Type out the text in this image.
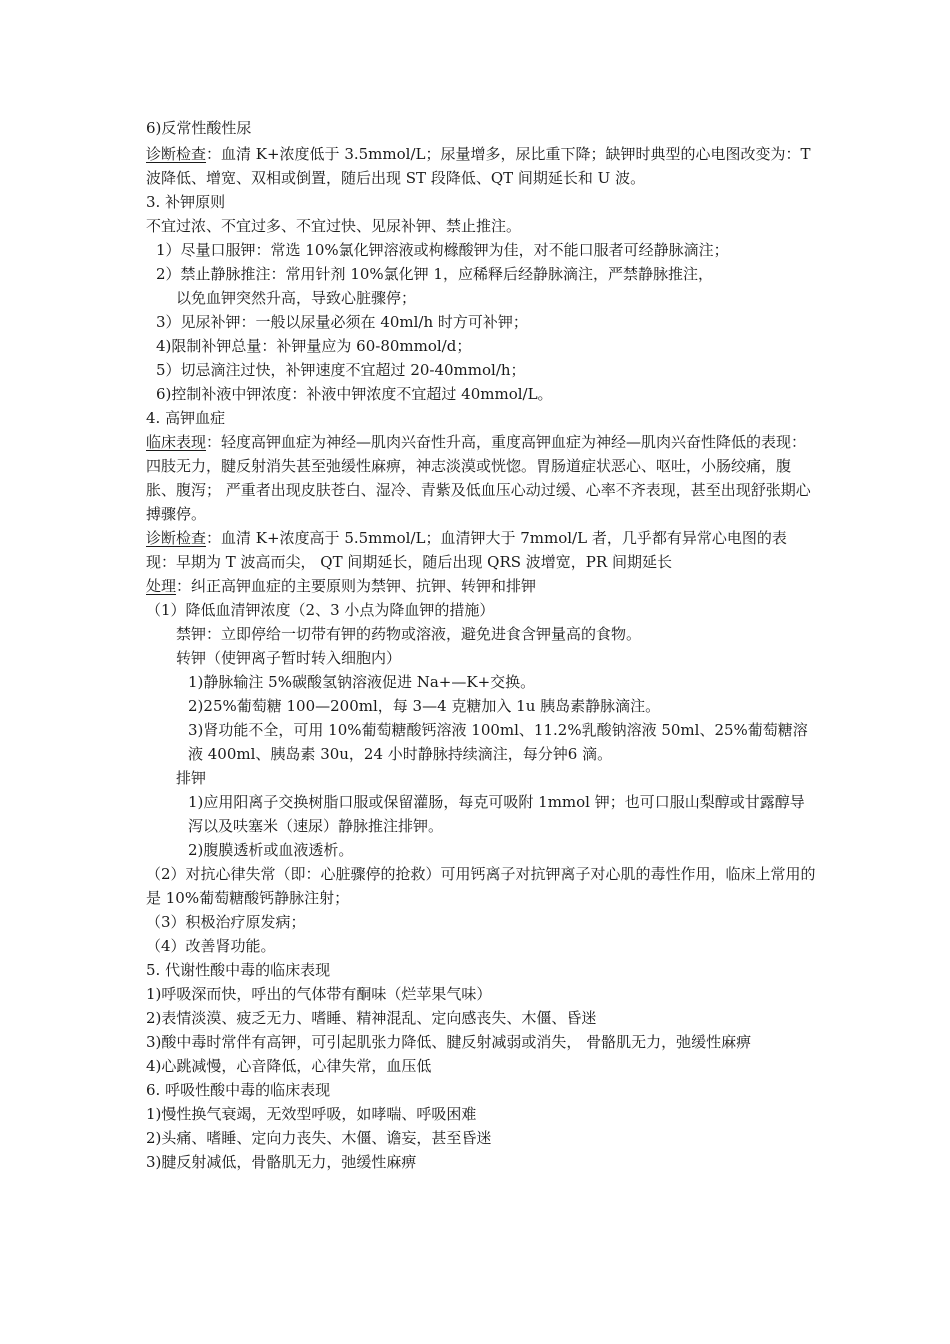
6)反常性酸性尿

诊断检查：血清 K+浓度低于 3.5mmol/L；尿量增多，尿比重下降；缺钾时典型的心电图改变为：T 波降低、增宽、双相或倒置，随后出现 ST 段降低、QT 间期延长和 U 波。

3. 补钾原则

不宜过浓、不宜过多、不宜过快、见尿补钾、禁止推注。

1）尽量口服钾：常选 10%氯化钾溶液或枸橼酸钾为佳，对不能口服者可经静脉滴注；

2）禁止静脉推注：常用针剂 10%氯化钾 1，应稀释后经静脉滴注，严禁静脉推注，

以免血钾突然升高，导致心脏骤停；

3）见尿补钾：一般以尿量必须在 40ml/h 时方可补钾；

4)限制补钾总量：补钾量应为 60-80mmol/d；

5）切忌滴注过快，补钾速度不宜超过 20-40mmol/h；

6)控制补液中钾浓度：补液中钾浓度不宜超过 40mmol/L。

4. 高钾血症

临床表现：轻度高钾血症为神经—肌肉兴奋性升高，重度高钾血症为神经—肌肉兴奋性降低的表现：四肢无力，腱反射消失甚至弛缓性麻痹，神志淡漠或恍惚。胃肠道症状恶心、呕吐，小肠绞痛，腹胀、腹泻； 严重者出现皮肤苍白、湿冷、青紫及低血压心动过缓、心率不齐表现，甚至出现舒张期心搏骤停。

诊断检查：血清 K+浓度高于 5.5mmol/L；血清钾大于 7mmol/L 者，几乎都有异常心电图的表现：早期为 T 波高而尖， QT 间期延长，随后出现 QRS 波增宽，PR 间期延长

处理：纠正高钾血症的主要原则为禁钾、抗钾、转钾和排钾

（1）降低血清钾浓度（2、3 小点为降血钾的措施）

禁钾：立即停给一切带有钾的药物或溶液，避免进食含钾量高的食物。

转钾（使钾离子暂时转入细胞内）

1)静脉输注 5%碳酸氢钠溶液促进 Na+—K+交换。

2)25%葡萄糖 100—200ml，每 3—4 克糖加入 1u 胰岛素静脉滴注。

3)肾功能不全，可用 10%葡萄糖酸钙溶液 100ml、11.2%乳酸钠溶液 50ml、25%葡萄糖溶液 400ml、胰岛素 30u，24 小时静脉持续滴注，每分钟6 滴。

排钾

1)应用阳离子交换树脂口服或保留灌肠，每克可吸附 1mmol 钾；也可口服山梨醇或甘露醇导泻以及呋塞米（速尿）静脉推注排钾。

2)腹膜透析或血液透析。

（2）对抗心律失常（即：心脏骤停的抢救）可用钙离子对抗钾离子对心肌的毒性作用，临床上常用的是 10%葡萄糖酸钙静脉注射；

（3）积极治疗原发病；

（4）改善肾功能。

5. 代谢性酸中毒的临床表现

1)呼吸深而快，呼出的气体带有酮味（烂苹果气味）

2)表情淡漠、疲乏无力、嗜睡、精神混乱、定向感丧失、木僵、昏迷

3)酸中毒时常伴有高钾，可引起肌张力降低、腱反射减弱或消失， 骨骼肌无力，弛缓性麻痹

4)心跳减慢，心音降低，心律失常，血压低

6. 呼吸性酸中毒的临床表现

1)慢性换气衰竭，无效型呼吸，如哮喘、呼吸困难

2)头痛、嗜睡、定向力丧失、木僵、谵妄，甚至昏迷

3)腱反射减低，骨骼肌无力，弛缓性麻痹
